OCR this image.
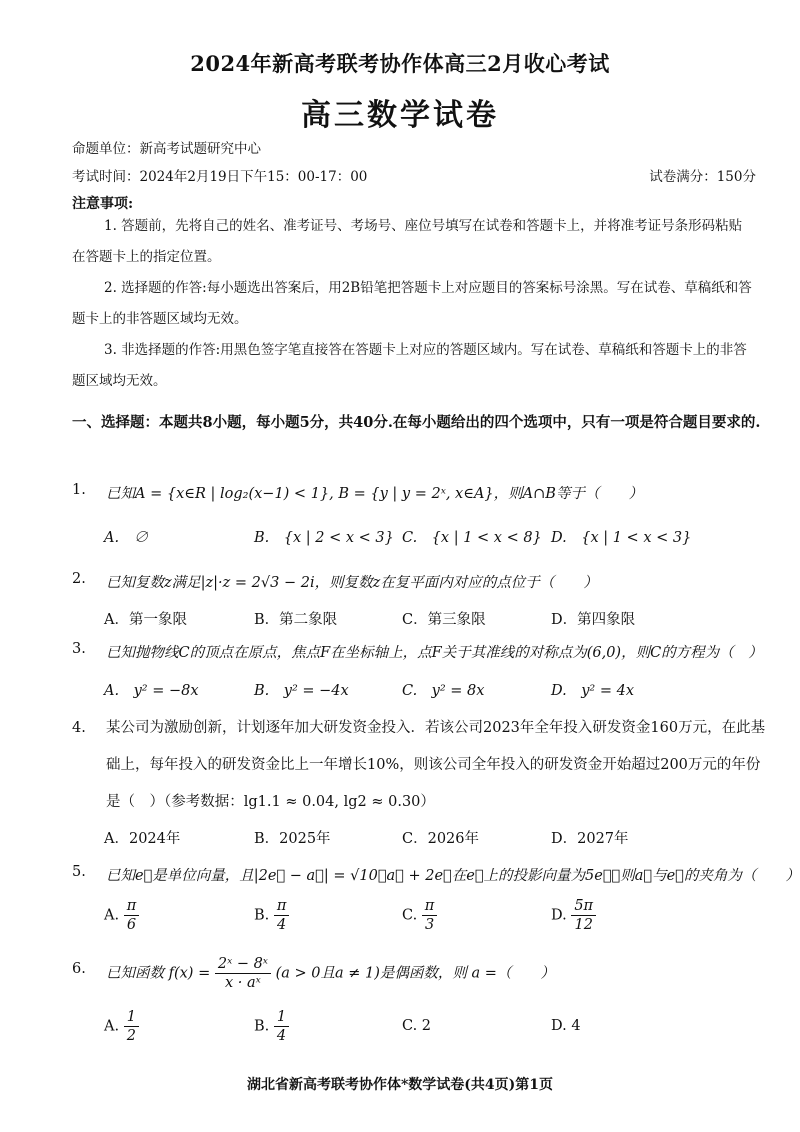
2024年新高考联考协作体高三2月收心考试
高三数学试卷
命题单位：新高考试题研究中心
考试时间：2024年2月19日下午15：00-17：00	试卷满分：150分
注意事项:
1. 答题前，先将自己的姓名、准考证号、考场号、座位号填写在试卷和答题卡上，并将准考证号条形码粘贴在答题卡上的指定位置。
2. 选择题的作答:每小题选出答案后，用2B铅笔把答题卡上对应题目的答案标号涂黑。写在试卷、草稿纸和答题卡上的非答题区域均无效。
3. 非选择题的作答:用黑色签字笔直接答在答题卡上对应的答题区域内。写在试卷、草稿纸和答题卡上的非答题区域均无效。
一、选择题：本题共8小题，每小题5分，共40分.在每小题给出的四个选项中，只有一项是符合题目要求的.
1. 已知A = {x∈R | log₂(x−1) < 1}, B = {y | y = 2ˣ, x∈A}，则A∩B等于（　　）
A.　∅	B.　{x | 2 < x < 3} C.　{x | 1 < x < 8} D.　{x | 1 < x < 3}
2. 已知复数z满足|z|·z = 2√3 − 2i，则复数z在复平面内对应的点位于（　　）
A．第一象限	B．第二象限	C．第三象限	D．第四象限
3. 已知抛物线C的顶点在原点，焦点F在坐标轴上，点F关于其准线的对称点为(6,0)，则C的方程为（　）
A.　y² = −8x	B.　y² = −4x	C.　y² = 8x	D.　y² = 4x
4. 某公司为激励创新，计划逐年加大研发资金投入．若该公司2023年全年投入研发资金160万元，在此基础上，每年投入的研发资金比上一年增长10%，则该公司全年投入的研发资金开始超过200万元的年份是（　）（参考数据：lg1.1 ≈ 0.04, lg2 ≈ 0.30）
A．2024年	B．2025年	C．2026年	D．2027年
5. 已知e⃗是单位向量，且|2e⃗ − a⃗| = √10，a⃗ + 2e⃗在e⃗上的投影向量为5e⃗，则a⃗与e⃗的夹角为（　　）
A. $\frac{\pi}{6}$	B. $\frac{\pi}{4}$	C. $\frac{\pi}{3}$	D. $\frac{5\pi}{12}$
6. 已知函数 $f(x) = \frac{\text{2ˣ − 8ˣ}}{\text{x · aˣ}} (a > 0$且a ≠ 1)是偶函数，则 a =（　　）
A. $\frac{1}{2}$	B. $\frac{1}{4}$	C. 2	D. 4
湖北省新高考联考协作体*数学试卷(共4页)第1页
